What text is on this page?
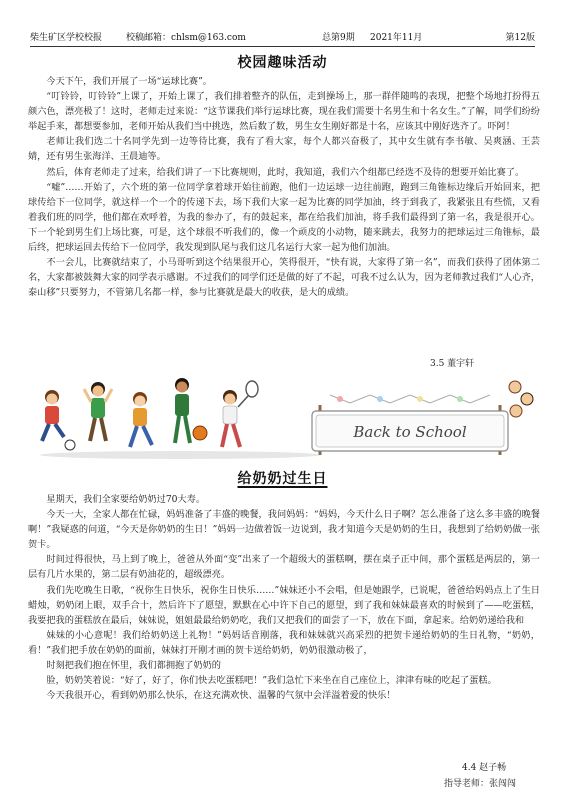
柴生矿区学校校报	校稿邮箱：chlsm@163.com	总第9期 2021年11月	第12版
校园趣味活动

今天下午，我们开展了一场“运球比赛”。

“叮铃铃，叮铃铃”上课了，开始上课了，我们排着整齐的队伍，走到操场上，那一群伴随鸣的表现，把整个场地打扮得五颜六色，漂亮极了！这时，老师走过来说：“这节课我们举行运球比赛，现在我们需要十名男生和十名女生。”了解，同学们纷纷举起手来，都想要参加，老师开始从我们当中挑选，然后数了数，男生女生刚好都是十名，应该其中刚好选齐了。吓阿！

老师让我们选二十名同学先到一边等待比赛，我有了看大家，每个人都兴奋极了，其中女生就有李书敏、吴爽涵、王芸婧，还有男生张海洋、王晨迪等。

然后，体育老师走了过来，给我们讲了一下比赛规则，此时，我知道，我们六个组都已经选不及待的想要开始比赛了。

“嘘”……开始了，六个班的第一位同学拿着球开始往前跑，他们一边运球一边往前跑，跑到三角锥标边缘后开始回来，把球传给下一位同学，就这样一个一个的传递下去，场下我们大家一起为比赛的同学加油，终于到我了，我紧张且有些慌，又看着我们班的同学，他们都在欢呼着，为我的参办了，有的鼓起来，都在给我们加油，将手我们最得到了第一名，我是很开心。下一个轮到男生们上场比赛，可是，这个球很不听我们的，像一个顽皮的小动物，随来跳去，我努力的把球运过三角锥标，最后终，把球运回去传给下一位同学，我发现到队尾与我们这几名运行大家一起为他们加油。

不一会儿，比赛就结束了，小马哥听到这个结果很开心，笑得很开，“快有说，大家得了第一名”，而我们获得了团体第二名，大家都被鼓舞大家的同学表示感谢。不过我们的同学们还是做的好了不起，可我不过么认为，因为老师教过我们“人心齐，泰山移”只要努力，不管第几名都一样，参与比赛就是最大的收获，是大的成绩。

3.5 董宇轩
Back to School
给奶奶过生日

星期天，我们全家要给奶奶过70大寿。

今天一大，全家人都在忙碌，妈妈准备了丰盛的晚餐，我问妈妈：“妈妈，今天什么日子啊？怎么准备了这么多丰盛的晚餐啊！”我疑惑的问道，“今天是你奶奶的生日！”妈妈一边做着饭一边说到，我才知道今天是奶奶的生日，我想到了给奶奶做一张贺卡。

时间过得很快，马上到了晚上，爸爸从外面“变”出来了一个超级大的蛋糕啊，摆在桌子正中间，那个蛋糕是两层的，第一层有几片水果的，第二层有奶油花的，超级漂亮。

我们先吃晚生日歌，“祝你生日快乐，祝你生日快乐……”妹妹还小不会唱，但是她跟学，已说呢，爸爸给妈妈点上了生日蜡烛，奶奶闭上眼，双手合十，然后许下了愿望，默默在心中许下自己的愿望，到了我和妹妹最喜欢的时候到了——吃蛋糕，我要把我的蛋糕放在最后，妹妹说，姐姐最最给奶奶吃，我们又把我们的面尝了一下，放在下面，拿起来。给奶奶递给我和

妹妹的小心意呢！我们给奶奶送上礼物！”妈妈话音刚落，我和妹妹就兴高采烈的把贺卡递给奶奶的生日礼物，“奶奶，看！”我们把手放在奶奶的面前，妹妹打开刚才画的贺卡送给奶奶，奶奶很激动极了，

时刻把我们抱在怀里，我们都拥抱了奶奶的

脸，奶奶笑着说：“好了，好了，你们快去吃蛋糕吧！”我们急忙下来坐在自己座位上，津津有味的吃起了蛋糕。

今天我很开心，看到奶奶那么快乐，在这充满欢快、温馨的气氛中会洋溢着爱的快乐！

4.4 赵子畅
指导老师：张闯闯
